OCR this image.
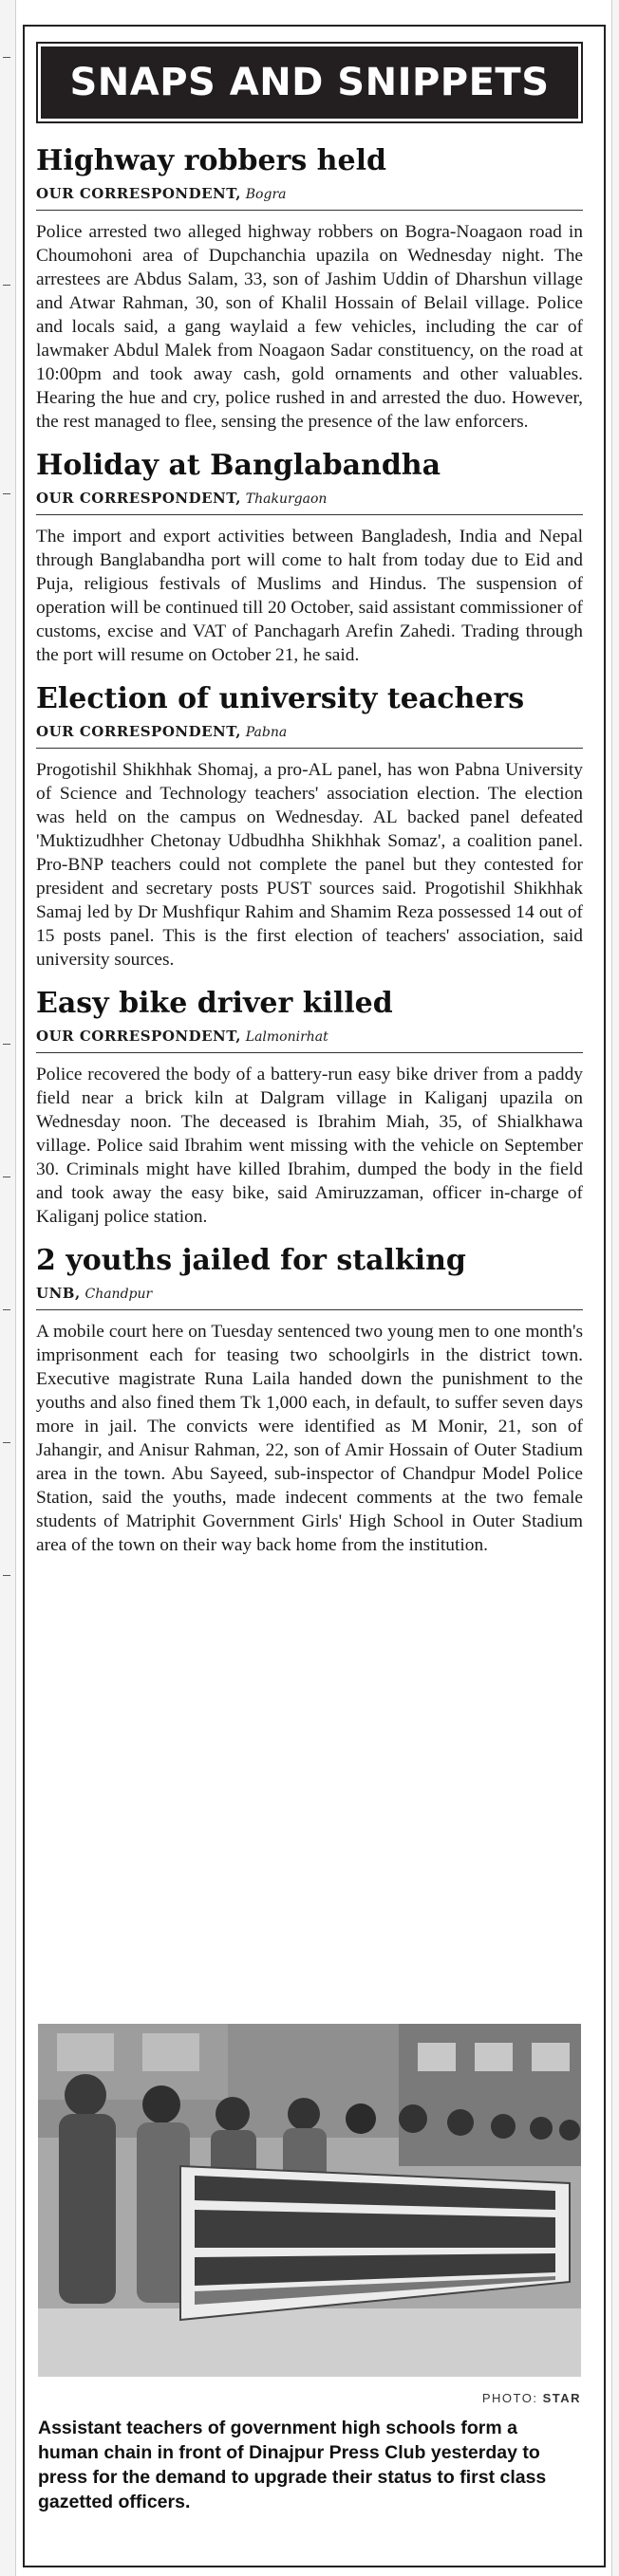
SNAPS AND SNIPPETS
Highway robbers held
OUR CORRESPONDENT, Bogra

Police arrested two alleged highway robbers on Bogra-Noagaon road in Choumohoni area of Dupchanchia upazila on Wednesday night. The arrestees are Abdus Salam, 33, son of Jashim Uddin of Dharshun village and Atwar Rahman, 30, son of Khalil Hossain of Belail village. Police and locals said, a gang waylaid a few vehicles, including the car of lawmaker Abdul Malek from Noagaon Sadar constituency, on the road at 10:00pm and took away cash, gold ornaments and other valuables. Hearing the hue and cry, police rushed in and arrested the duo. However, the rest managed to flee, sensing the presence of the law enforcers.

Holiday at Banglabandha
OUR CORRESPONDENT, Thakurgaon

The import and export activities between Bangladesh, India and Nepal through Banglabandha port will come to halt from today due to Eid and Puja, religious festivals of Muslims and Hindus. The suspension of operation will be continued till 20 October, said assistant commissioner of customs, excise and VAT of Panchagarh Arefin Zahedi. Trading through the port will resume on October 21, he said.

Election of university teachers
OUR CORRESPONDENT, Pabna

Progotishil Shikhhak Shomaj, a pro-AL panel, has won Pabna University of Science and Technology teachers' association election. The election was held on the campus on Wednesday. AL backed panel defeated 'Muktizudhher Chetonay Udbudhha Shikhhak Somaz', a coalition panel. Pro-BNP teachers could not complete the panel but they contested for president and secretary posts PUST sources said. Progotishil Shikhhak Samaj led by Dr Mushfiqur Rahim and Shamim Reza possessed 14 out of 15 posts panel. This is the first election of teachers' association, said university sources.

Easy bike driver killed
OUR CORRESPONDENT, Lalmonirhat

Police recovered the body of a battery-run easy bike driver from a paddy field near a brick kiln at Dalgram village in Kaliganj upazila on Wednesday noon. The deceased is Ibrahim Miah, 35, of Shialkhawa village. Police said Ibrahim went missing with the vehicle on September 30. Criminals might have killed Ibrahim, dumped the body in the field and took away the easy bike, said Amiruzzaman, officer in-charge of Kaliganj police station.

2 youths jailed for stalking
UNB, Chandpur

A mobile court here on Tuesday sentenced two young men to one month's imprisonment each for teasing two schoolgirls in the district town. Executive magistrate Runa Laila handed down the punishment to the youths and also fined them Tk 1,000 each, in default, to suffer seven days more in jail. The convicts were identified as M Monir, 21, son of Jahangir, and Anisur Rahman, 22, son of Amir Hossain of Outer Stadium area in the town. Abu Sayeed, sub-inspector of Chandpur Model Police Station, said the youths, made indecent comments at the two female students of Matriphit Government Girls' High School in Outer Stadium area of the town on their way back home from the institution.

PHOTO: STAR
Assistant teachers of government high schools form a human chain in front of Dinajpur Press Club yesterday to press for the demand to upgrade their status to first class gazetted officers.
